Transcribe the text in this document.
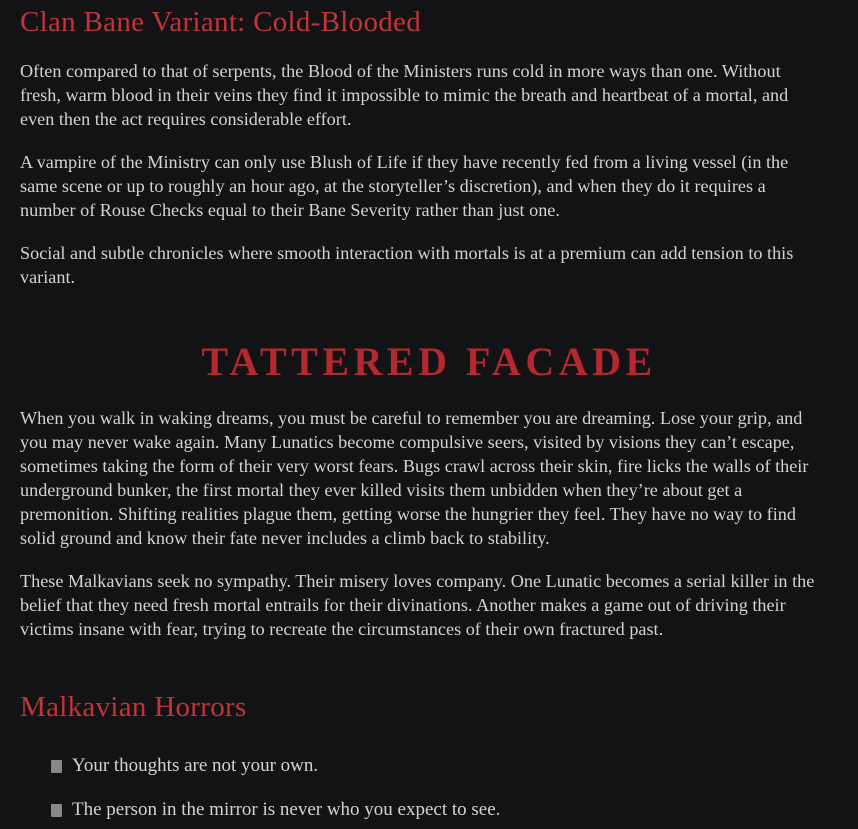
Clan Bane Variant: Cold-Blooded

Often compared to that of serpents, the Blood of the Ministers runs cold in more ways than one. Without fresh, warm blood in their veins they find it impossible to mimic the breath and heartbeat of a mortal, and even then the act requires considerable effort.

A vampire of the Ministry can only use Blush of Life if they have recently fed from a living vessel (in the same scene or up to roughly an hour ago, at the storyteller’s discretion), and when they do it requires a number of Rouse Checks equal to their Bane Severity rather than just one.

Social and subtle chronicles where smooth interaction with mortals is at a premium can add tension to this variant.

TATTERED FACADE

When you walk in waking dreams, you must be careful to remember you are dreaming. Lose your grip, and you may never wake again. Many Lunatics become compulsive seers, visited by visions they can’t escape, sometimes taking the form of their very worst fears. Bugs crawl across their skin, fire licks the walls of their underground bunker, the first mortal they ever killed visits them unbidden when they’re about get a premonition. Shifting realities plague them, getting worse the hungrier they feel. They have no way to find solid ground and know their fate never includes a climb back to stability.

These Malkavians seek no sympathy. Their misery loves company. One Lunatic becomes a serial killer in the belief that they need fresh mortal entrails for their divinations. Another makes a game out of driving their victims insane with fear, trying to recreate the circumstances of their own fractured past.

Malkavian Horrors
Your thoughts are not your own.
The person in the mirror is never who you expect to see.
